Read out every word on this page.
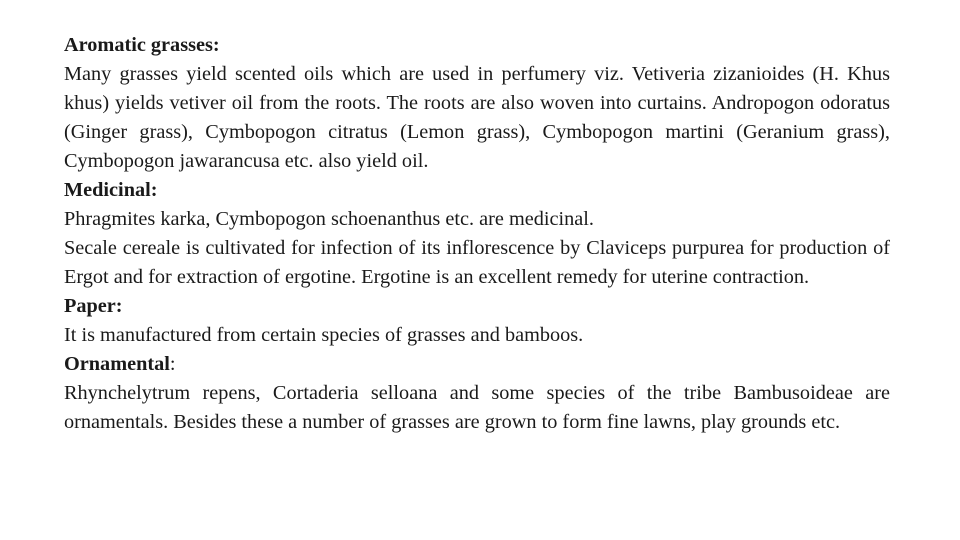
Aromatic grasses:

Many grasses yield scented oils which are used in perfumery viz. Vetiveria zizanioides (H. Khus khus) yields vetiver oil from the roots. The roots are also woven into curtains. Andropogon odoratus (Ginger grass), Cymbopogon citratus (Lemon grass), Cymbopogon martini (Geranium grass), Cymbopogon jawarancusa etc. also yield oil.

Medicinal:

Phragmites karka, Cymbopogon schoenanthus etc. are medicinal.

Secale cereale is cultivated for infection of its inflorescence by Claviceps purpurea for production of Ergot and for extraction of ergotine. Ergotine is an excellent remedy for uterine contraction.

Paper:

It is manufactured from certain species of grasses and bamboos.

Ornamental:

Rhynchelytrum repens, Cortaderia selloana and some species of the tribe Bambusoideae are ornamentals. Besides these a number of grasses are grown to form fine lawns, play grounds etc.
